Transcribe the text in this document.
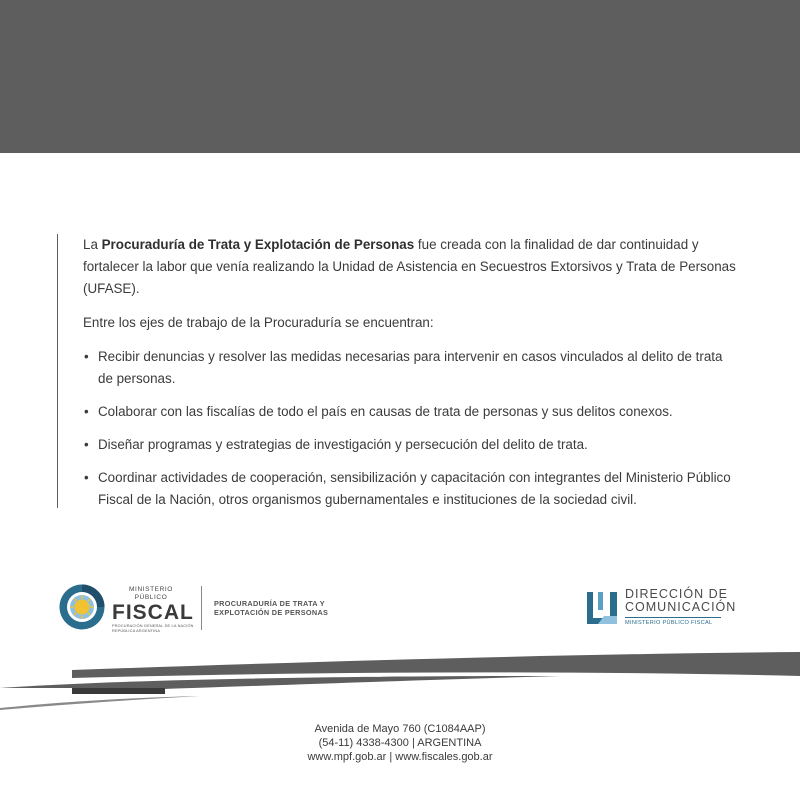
La Procuraduría de Trata y Explotación de Personas fue creada con la finalidad de dar continuidad y fortalecer la labor que venía realizando la Unidad de Asistencia en Secuestros Extorsivos y Trata de Personas (UFASE).

Entre los ejes de trabajo de la Procuraduría se encuentran:

• Recibir denuncias y resolver las medidas necesarias para intervenir en casos vinculados al delito de trata de personas.
• Colaborar con las fiscalías de todo el país en causas de trata de personas y sus delitos conexos.
• Diseñar programas y estrategias de investigación y persecución del delito de trata.
• Coordinar actividades de cooperación, sensibilización y capacitación con integrantes del Ministerio Público Fiscal de la Nación, otros organismos gubernamentales e instituciones de la sociedad civil.
MINISTERIO PÚBLICO
FISCAL
PROCURACIÓN GENERAL DE LA NACIÓN
REPÚBLICA ARGENTINA
PROCURADURÍA DE TRATA Y
EXPLOTACIÓN DE PERSONAS
DIRECCIÓN DE
COMUNICACIÓN
MINISTERIO PÚBLICO FISCAL
Avenida de Mayo 760 (C1084AAP)
(54-11) 4338-4300 | ARGENTINA
www.mpf.gob.ar | www.fiscales.gob.ar
